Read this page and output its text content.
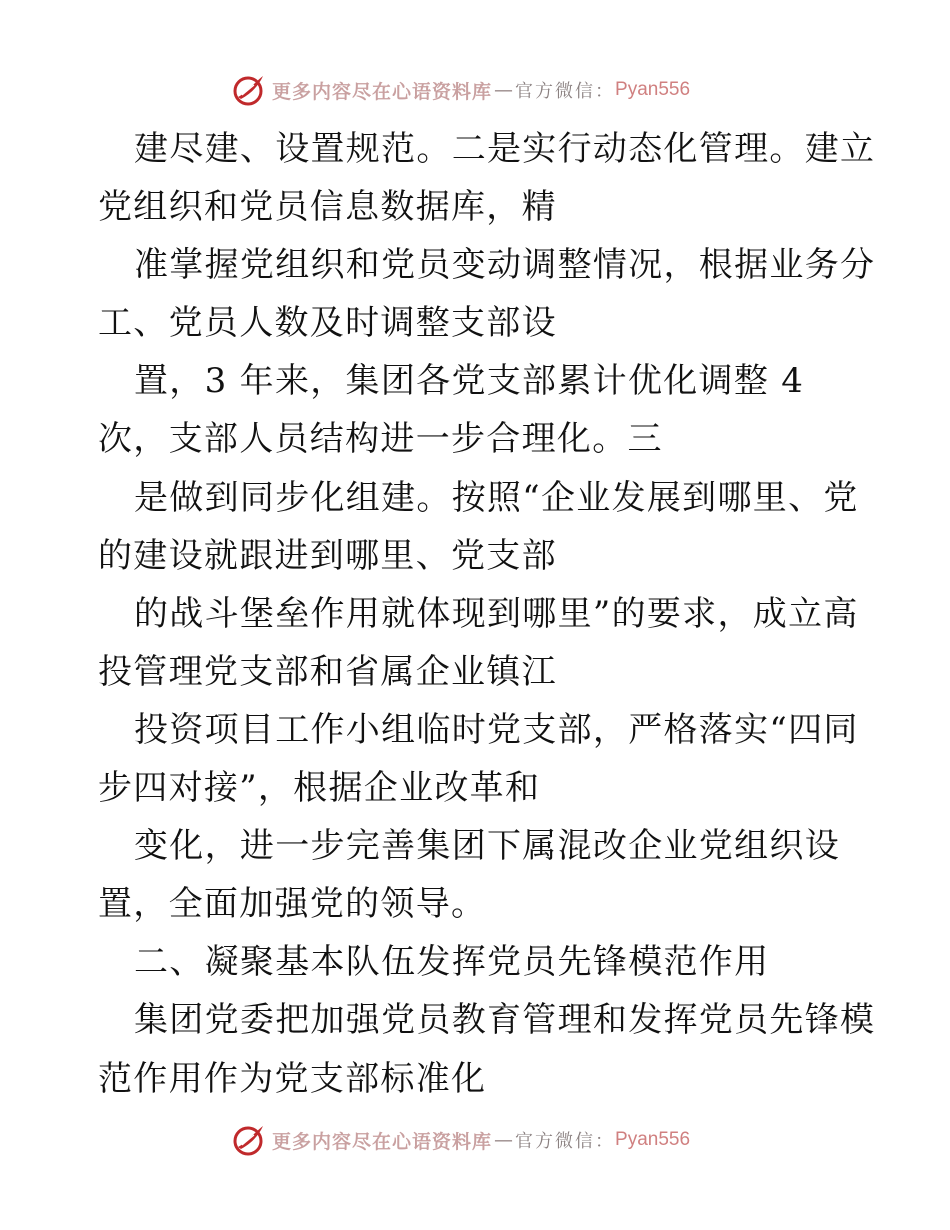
更多内容尽在心语资料库 — 官方微信： Pyan556
建尽建、设置规范。二是实行动态化管理。建立
党组织和党员信息数据库，精
准掌握党组织和党员变动调整情况，根据业务分
工、党员人数及时调整支部设
置，3 年来，集团各党支部累计优化调整 4
次，支部人员结构进一步合理化。三
是做到同步化组建。按照“企业发展到哪里、党
的建设就跟进到哪里、党支部
的战斗堡垒作用就体现到哪里”的要求，成立高
投管理党支部和省属企业镇江
投资项目工作小组临时党支部，严格落实“四同
步四对接”，根据企业改革和
变化，进一步完善集团下属混改企业党组织设
置，全面加强党的领导。
二、凝聚基本队伍发挥党员先锋模范作用
集团党委把加强党员教育管理和发挥党员先锋模
范作用作为党支部标准化
更多内容尽在心语资料库 — 官方微信： Pyan556
